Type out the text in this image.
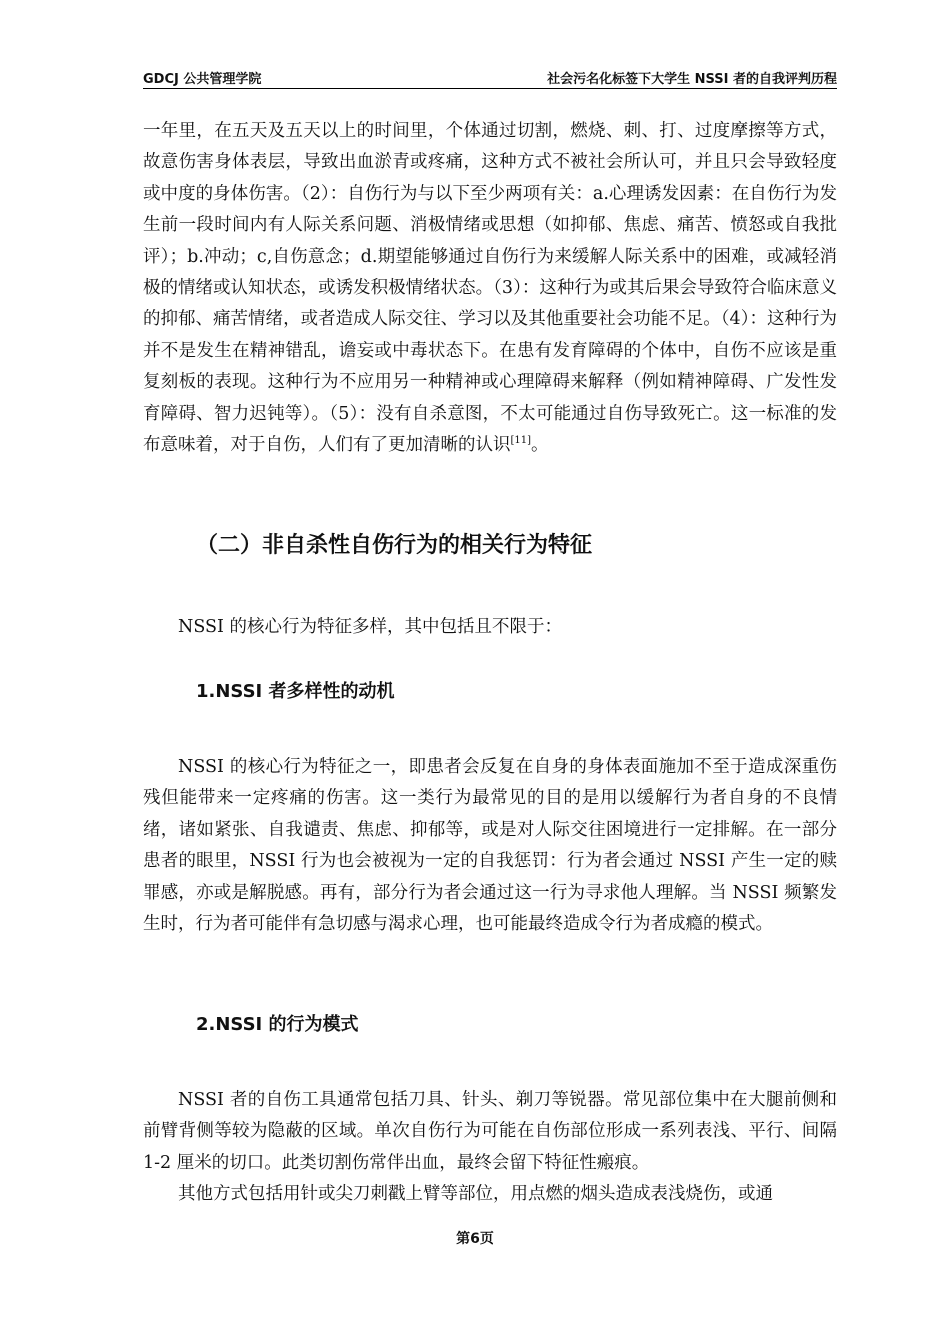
GDCJ 公共管理学院	社会污名化标签下大学生 NSSI 者的自我评判历程

一年里，在五天及五天以上的时间里，个体通过切割，燃烧、刺、打、过度摩擦等方式，故意伤害身体表层，导致出血淤青或疼痛，这种方式不被社会所认可，并且只会导致轻度或中度的身体伤害。（2）：自伤行为与以下至少两项有关：a.心理诱发因素：在自伤行为发生前一段时间内有人际关系问题、消极情绪或思想（如抑郁、焦虑、痛苦、愤怒或自我批评）；b.冲动；c,自伤意念；d.期望能够通过自伤行为来缓解人际关系中的困难，或减轻消极的情绪或认知状态，或诱发积极情绪状态。（3）：这种行为或其后果会导致符合临床意义的抑郁、痛苦情绪，或者造成人际交往、学习以及其他重要社会功能不足。（4）：这种行为并不是发生在精神错乱，谵妄或中毒状态下。在患有发育障碍的个体中，自伤不应该是重复刻板的表现。这种行为不应用另一种精神或心理障碍来解释（例如精神障碍、广发性发育障碍、智力迟钝等）。（5）：没有自杀意图，不太可能通过自伤导致死亡。这一标准的发布意味着，对于自伤，人们有了更加清晰的认识[11]。

（二）非自杀性自伤行为的相关行为特征

NSSI 的核心行为特征多样，其中包括且不限于：

1.NSSI 者多样性的动机

NSSI 的核心行为特征之一，即患者会反复在自身的身体表面施加不至于造成深重伤残但能带来一定疼痛的伤害。这一类行为最常见的目的是用以缓解行为者自身的不良情绪，诸如紧张、自我谴责、焦虑、抑郁等，或是对人际交往困境进行一定排解。在一部分患者的眼里，NSSI 行为也会被视为一定的自我惩罚：行为者会通过 NSSI 产生一定的赎罪感，亦或是解脱感。再有，部分行为者会通过这一行为寻求他人理解。当 NSSI 频繁发生时，行为者可能伴有急切感与渴求心理，也可能最终造成令行为者成瘾的模式。

2.NSSI 的行为模式

NSSI 者的自伤工具通常包括刀具、针头、剃刀等锐器。常见部位集中在大腿前侧和前臂背侧等较为隐蔽的区域。单次自伤行为可能在自伤部位形成一系列表浅、平行、间隔 1-2 厘米的切口。此类切割伤常伴出血，最终会留下特征性瘢痕。

其他方式包括用针或尖刀刺戳上臂等部位，用点燃的烟头造成表浅烧伤，或通

第6页
